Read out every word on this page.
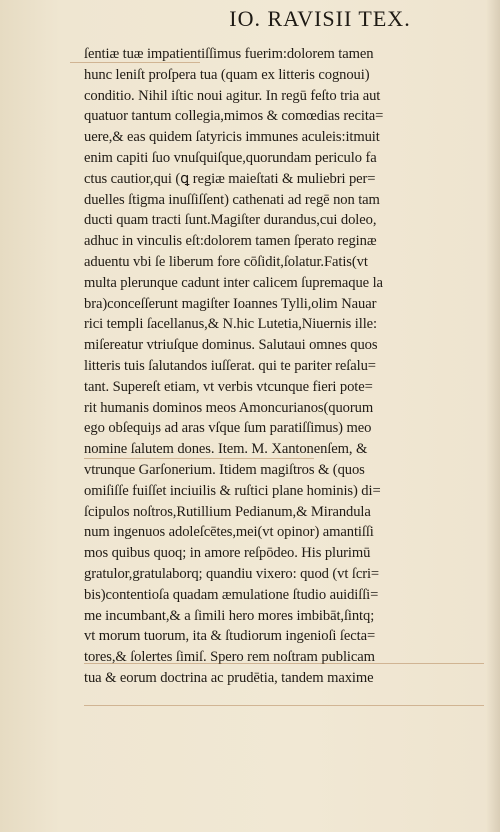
IO. RAVISII TEX.
ſentiæ tuæ impatientiſſimus fuerim:dolorem tamen
hunc leniſt proſpera tua (quam ex litteris cognoui)
conditio. Nihil iſtic noui agitur. In regū feſto tria aut
quatuor tantum collegia,mimos & comœdias recita=
uere,& eas quidem ſatyricis immunes aculeis:itmuit
enim capiti ſuo vnuſquiſque,quorundam periculo fa
ctus cautior,qui (ꝗ regiæ maieſtati & muliebri per=
duelles ſtigma inuſſiſſent) cathenati ad regē non tam
ducti quam tracti ſunt.Magiſter durandus,cui doleo,
adhuc in vinculis eſt:dolorem tamen ſperato reginæ
aduentu vbi ſe liberum fore cōſidit,ſolatur.Fatis(vt
multa plerunque cadunt inter calicem ſupremaque la
bra)conceſſerunt magiſter Ioannes Tylli,olim Nauar
rici templi ſacellanus,& N.hic Lutetia,Niuernis ille:
miſereatur vtriuſque dominus. Salutaui omnes quos
litteris tuis ſalutandos iuſſerat. qui te pariter reſalu=
tant. Supereſt etiam, vt verbis vtcunque fieri pote=
rit humanis dominos meos Amoncurianos(quorum
ego obſequiȷs ad aras vſque ſum paratiſſimus) meo
nomine ſalutem dones. Item. M. Xantonenſem, &
vtrunque Garſonerium. Itidem magiſtros & (quos
omiſiſſe fuiſſet inciuilis & ruſtici plane hominis) di=
ſcipulos noſtros,Rutillium Pedianum,& Mirandula
num ingenuos adoleſcētes,mei(vt opinor) amantiſſi
mos quibus quoq; in amore reſpōdeo. His plurimū
gratulor,gratulaborq; quandiu vixero: quod (vt ſcri=
bis)contentioſa quadam æmulatione ſtudio auidiſſi=
me incumbant,& a ſimili hero mores imbibāt,ſintq;
vt morum tuorum, ita & ſtudiorum ingenioſi ſecta=
tores,& ſolertes ſimiſ. Spero rem noſtram publicam
tua & eorum doctrina ac prudētia, tandem maxime
